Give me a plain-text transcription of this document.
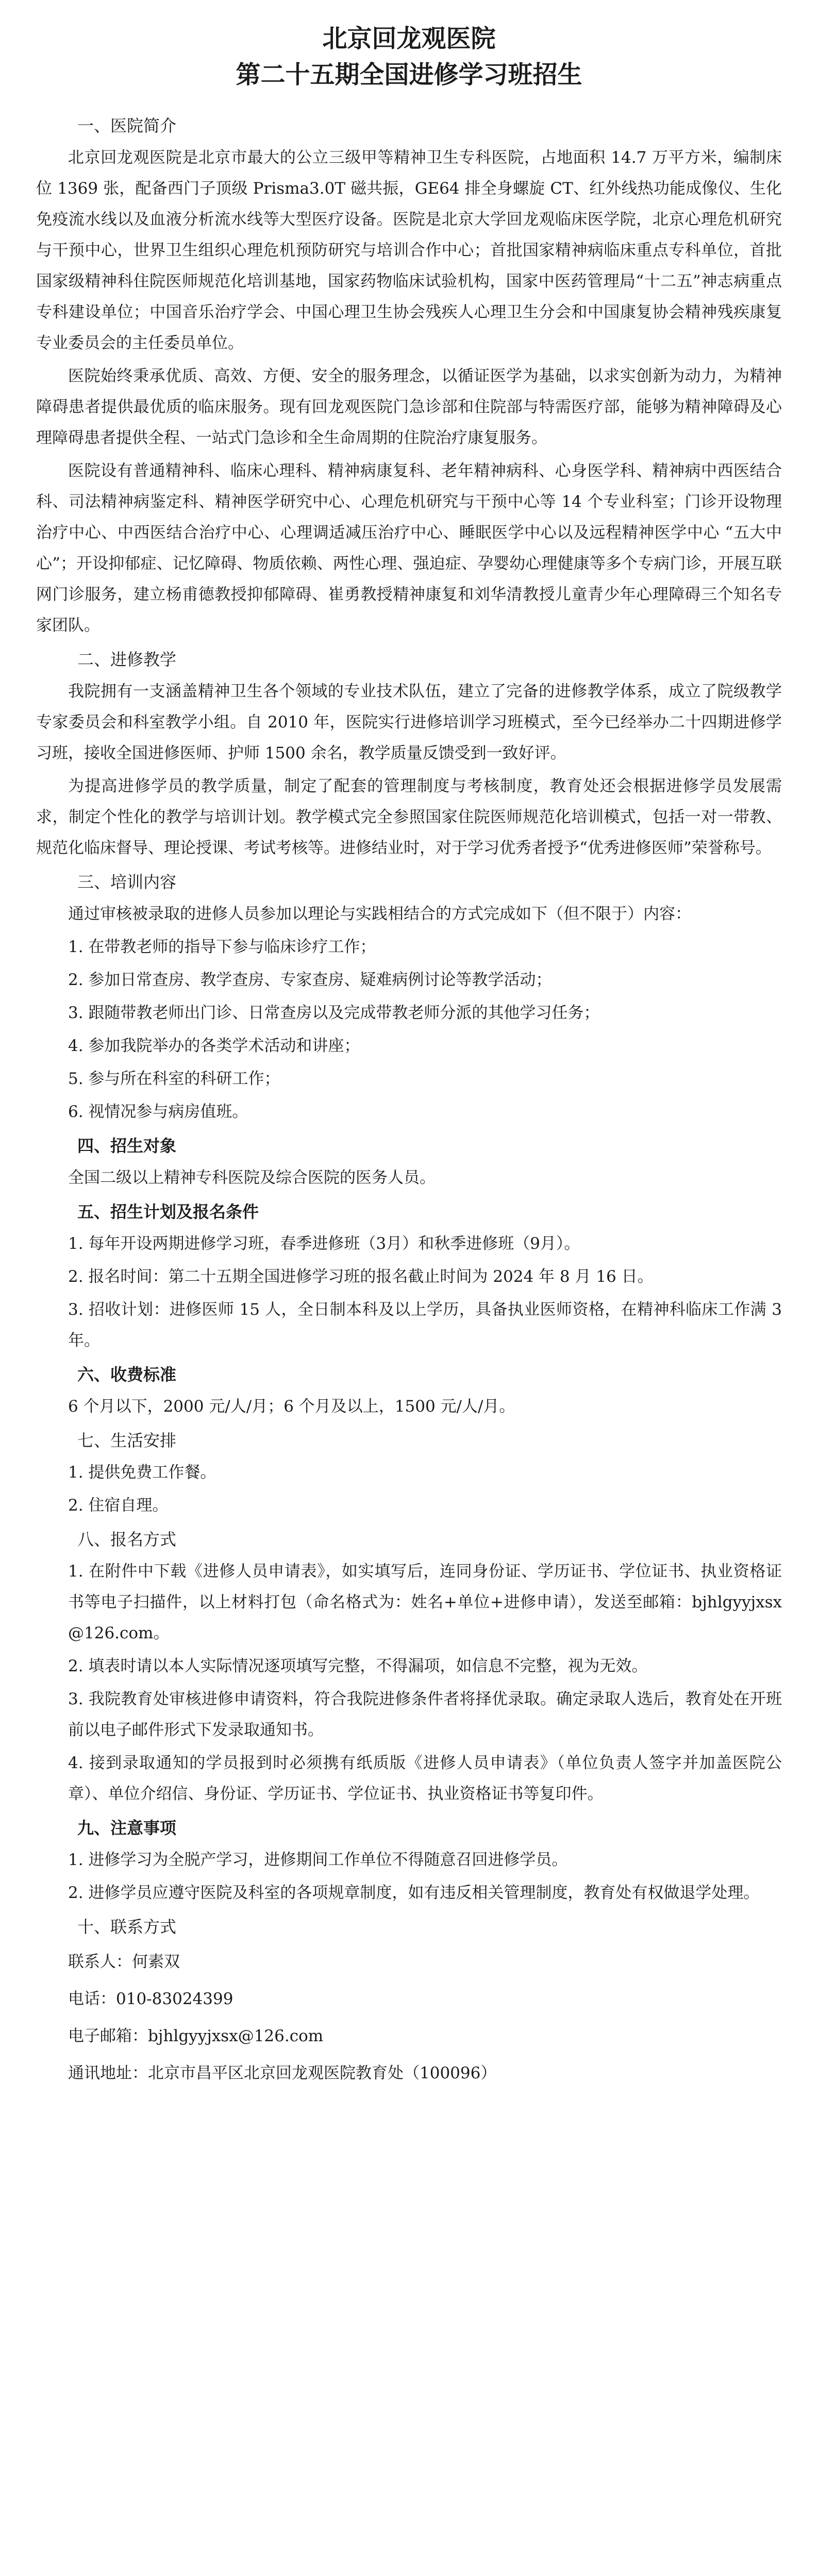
北京回龙观医院
第二十五期全国进修学习班招生
一、医院简介

北京回龙观医院是北京市最大的公立三级甲等精神卫生专科医院，占地面积 14.7 万平方米，编制床位 1369 张，配备西门子顶级 Prisma3.0T 磁共振，GE64 排全身螺旋 CT、红外线热功能成像仪、生化免疫流水线以及血液分析流水线等大型医疗设备。医院是北京大学回龙观临床医学院，北京心理危机研究与干预中心，世界卫生组织心理危机预防研究与培训合作中心；首批国家精神病临床重点专科单位，首批国家级精神科住院医师规范化培训基地，国家药物临床试验机构，国家中医药管理局“十二五”神志病重点专科建设单位；中国音乐治疗学会、中国心理卫生协会残疾人心理卫生分会和中国康复协会精神残疾康复专业委员会的主任委员单位。

医院始终秉承优质、高效、方便、安全的服务理念，以循证医学为基础，以求实创新为动力，为精神障碍患者提供最优质的临床服务。现有回龙观医院门急诊部和住院部与特需医疗部，能够为精神障碍及心理障碍患者提供全程、一站式门急诊和全生命周期的住院治疗康复服务。

医院设有普通精神科、临床心理科、精神病康复科、老年精神病科、心身医学科、精神病中西医结合科、司法精神病鉴定科、精神医学研究中心、心理危机研究与干预中心等 14 个专业科室；门诊开设物理治疗中心、中西医结合治疗中心、心理调适减压治疗中心、睡眠医学中心以及远程精神医学中心 “五大中心”；开设抑郁症、记忆障碍、物质依赖、两性心理、强迫症、孕婴幼心理健康等多个专病门诊，开展互联网门诊服务，建立杨甫德教授抑郁障碍、崔勇教授精神康复和刘华清教授儿童青少年心理障碍三个知名专家团队。

二、进修教学

我院拥有一支涵盖精神卫生各个领域的专业技术队伍，建立了完备的进修教学体系，成立了院级教学专家委员会和科室教学小组。自 2010 年，医院实行进修培训学习班模式，至今已经举办二十四期进修学习班，接收全国进修医师、护师 1500 余名，教学质量反馈受到一致好评。

为提高进修学员的教学质量，制定了配套的管理制度与考核制度，教育处还会根据进修学员发展需求，制定个性化的教学与培训计划。教学模式完全参照国家住院医师规范化培训模式，包括一对一带教、规范化临床督导、理论授课、考试考核等。进修结业时，对于学习优秀者授予“优秀进修医师”荣誉称号。

三、培训内容

通过审核被录取的进修人员参加以理论与实践相结合的方式完成如下（但不限于）内容：

1. 在带教老师的指导下参与临床诊疗工作；

2. 参加日常查房、教学查房、专家查房、疑难病例讨论等教学活动；

3. 跟随带教老师出门诊、日常查房以及完成带教老师分派的其他学习任务；

4. 参加我院举办的各类学术活动和讲座；

5. 参与所在科室的科研工作；

6. 视情况参与病房值班。

四、招生对象

全国二级以上精神专科医院及综合医院的医务人员。

五、招生计划及报名条件

1. 每年开设两期进修学习班，春季进修班（3月）和秋季进修班（9月）。

2. 报名时间：第二十五期全国进修学习班的报名截止时间为 2024 年 8 月 16 日。

3. 招收计划：进修医师 15 人，全日制本科及以上学历，具备执业医师资格，在精神科临床工作满 3 年。

六、收费标准

6 个月以下，2000 元/人/月；6 个月及以上，1500 元/人/月。

七、生活安排

1. 提供免费工作餐。

2. 住宿自理。

八、报名方式

1. 在附件中下载《进修人员申请表》，如实填写后，连同身份证、学历证书、学位证书、执业资格证书等电子扫描件，以上材料打包（命名格式为：姓名+单位+进修申请），发送至邮箱：bjhlgyyjxsx@126.com。

2. 填表时请以本人实际情况逐项填写完整，不得漏项，如信息不完整，视为无效。

3. 我院教育处审核进修申请资料，符合我院进修条件者将择优录取。确定录取人选后，教育处在开班前以电子邮件形式下发录取通知书。

4. 接到录取通知的学员报到时必须携有纸质版《进修人员申请表》（单位负责人签字并加盖医院公章）、单位介绍信、身份证、学历证书、学位证书、执业资格证书等复印件。

九、注意事项

1. 进修学习为全脱产学习，进修期间工作单位不得随意召回进修学员。

2. 进修学员应遵守医院及科室的各项规章制度，如有违反相关管理制度，教育处有权做退学处理。

十、联系方式

联系人：何素双

电话：010-83024399

电子邮箱：bjhlgyyjxsx@126.com

通讯地址：北京市昌平区北京回龙观医院教育处（100096）
